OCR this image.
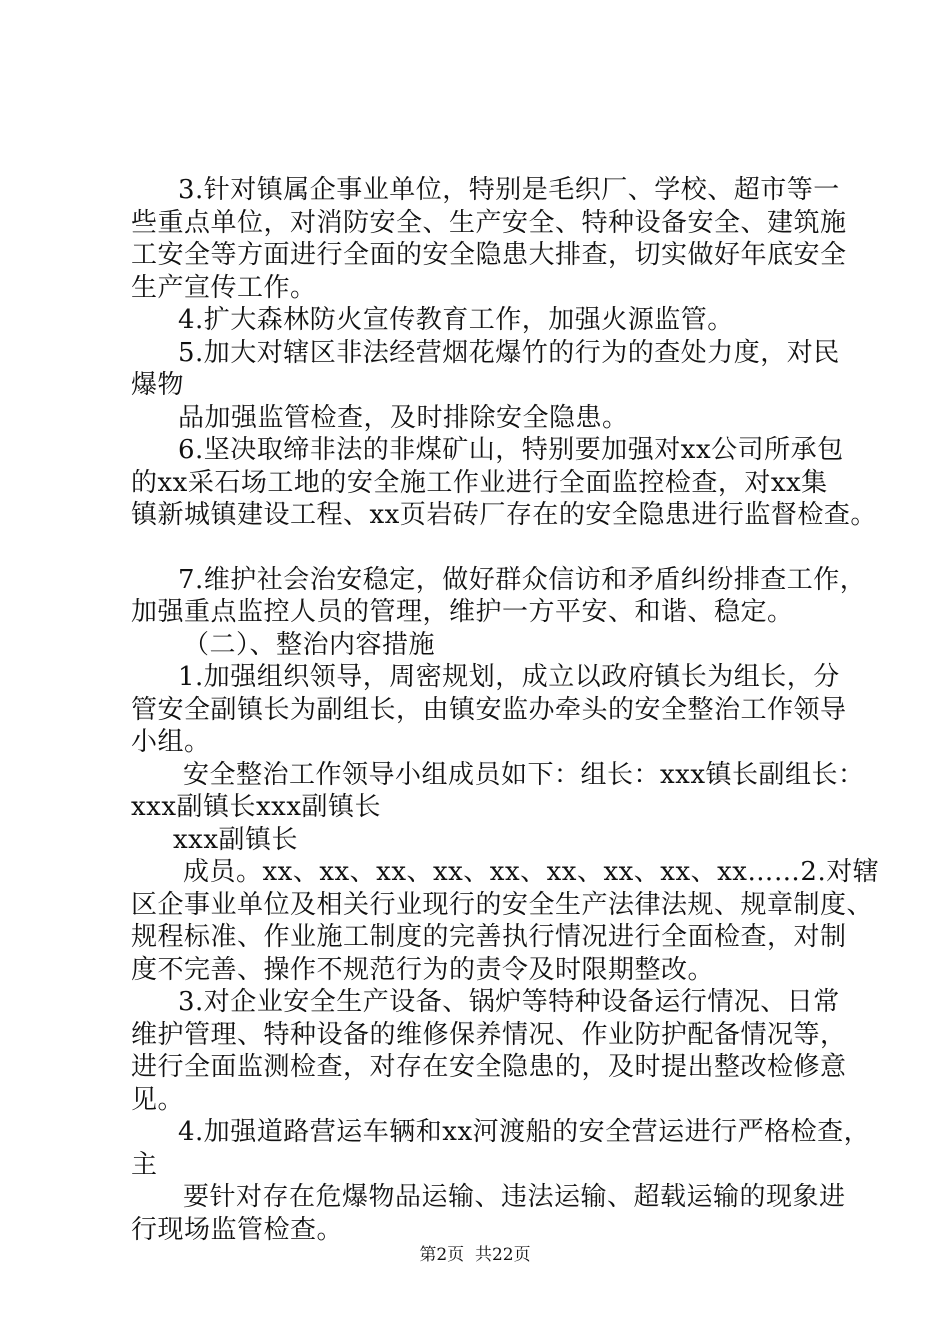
3.针对镇属企事业单位，特别是毛织厂、学校、超市等一
些重点单位，对消防安全、生产安全、特种设备安全、建筑施
工安全等方面进行全面的安全隐患大排查，切实做好年底安全
生产宣传工作。
4.扩大森林防火宣传教育工作，加强火源监管。
5.加大对辖区非法经营烟花爆竹的行为的查处力度，对民
爆物
品加强监管检查，及时排除安全隐患。
6.坚决取缔非法的非煤矿山，特别要加强对xx公司所承包
的xx采石场工地的安全施工作业进行全面监控检查，对xx集
镇新城镇建设工程、xx页岩砖厂存在的安全隐患进行监督检查。
7.维护社会治安稳定，做好群众信访和矛盾纠纷排查工作，
加强重点监控人员的管理，维护一方平安、和谐、稳定。
（二）、整治内容措施
1.加强组织领导，周密规划，成立以政府镇长为组长，分
管安全副镇长为副组长，由镇安监办牵头的安全整治工作领导
小组。
安全整治工作领导小组成员如下：组长：xxx镇长副组长：
xxx副镇长xxx副镇长
xxx副镇长
成员。xx、xx、xx、xx、xx、xx、xx、xx、xx……2.对辖
区企事业单位及相关行业现行的安全生产法律法规、规章制度、
规程标准、作业施工制度的完善执行情况进行全面检查，对制
度不完善、操作不规范行为的责令及时限期整改。
3.对企业安全生产设备、锅炉等特种设备运行情况、日常
维护管理、特种设备的维修保养情况、作业防护配备情况等，
进行全面监测检查，对存在安全隐患的，及时提出整改检修意
见。
4.加强道路营运车辆和xx河渡船的安全营运进行严格检查，
主
要针对存在危爆物品运输、违法运输、超载运输的现象进
行现场监管检查。
第2页  共22页
